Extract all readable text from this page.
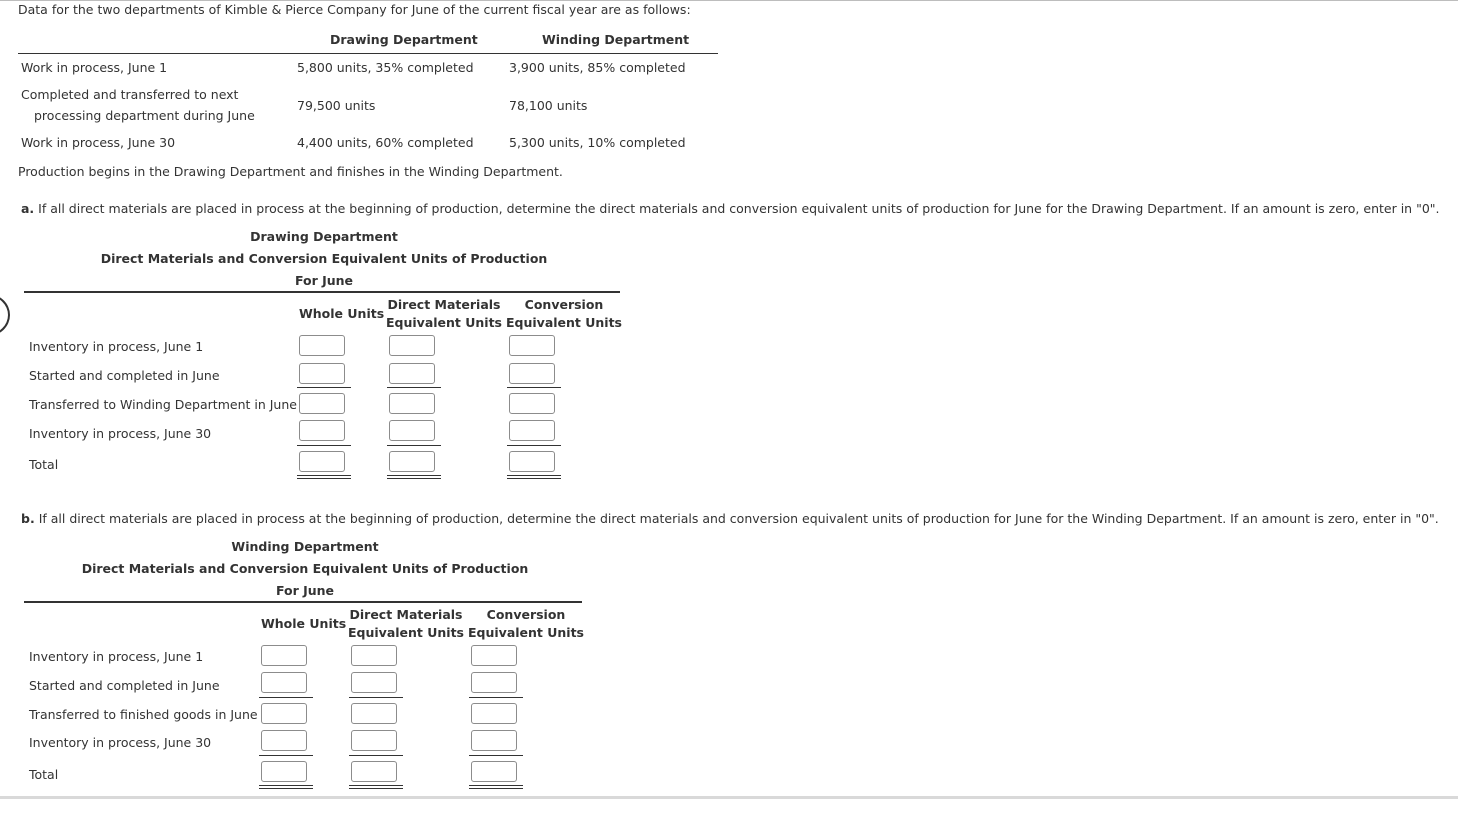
Data for the two departments of Kimble & Pierce Company for June of the current fiscal year are as follows:
Drawing Department	Winding Department
Work in process, June 1	5,800 units, 35% completed	3,900 units, 85% completed
Completed and transferred to next
processing department during June
79,500 units	78,100 units
Work in process, June 30	4,400 units, 60% completed	5,300 units, 10% completed
Production begins in the Drawing Department and finishes in the Winding Department.
a. If all direct materials are placed in process at the beginning of production, determine the direct materials and conversion equivalent units of production for June for the Drawing Department. If an amount is zero, enter in "0".
Drawing Department
Direct Materials and Conversion Equivalent Units of Production
For June
Whole Units
Direct Materials
Equivalent Units
Conversion
Equivalent Units
Inventory in process, June 1
Started and completed in June
Transferred to Winding Department in June
Inventory in process, June 30
Total
b. If all direct materials are placed in process at the beginning of production, determine the direct materials and conversion equivalent units of production for June for the Winding Department. If an amount is zero, enter in "0".
Winding Department
Direct Materials and Conversion Equivalent Units of Production
For June
Whole Units
Direct Materials
Equivalent Units
Conversion
Equivalent Units
Inventory in process, June 1
Started and completed in June
Transferred to finished goods in June
Inventory in process, June 30
Total
